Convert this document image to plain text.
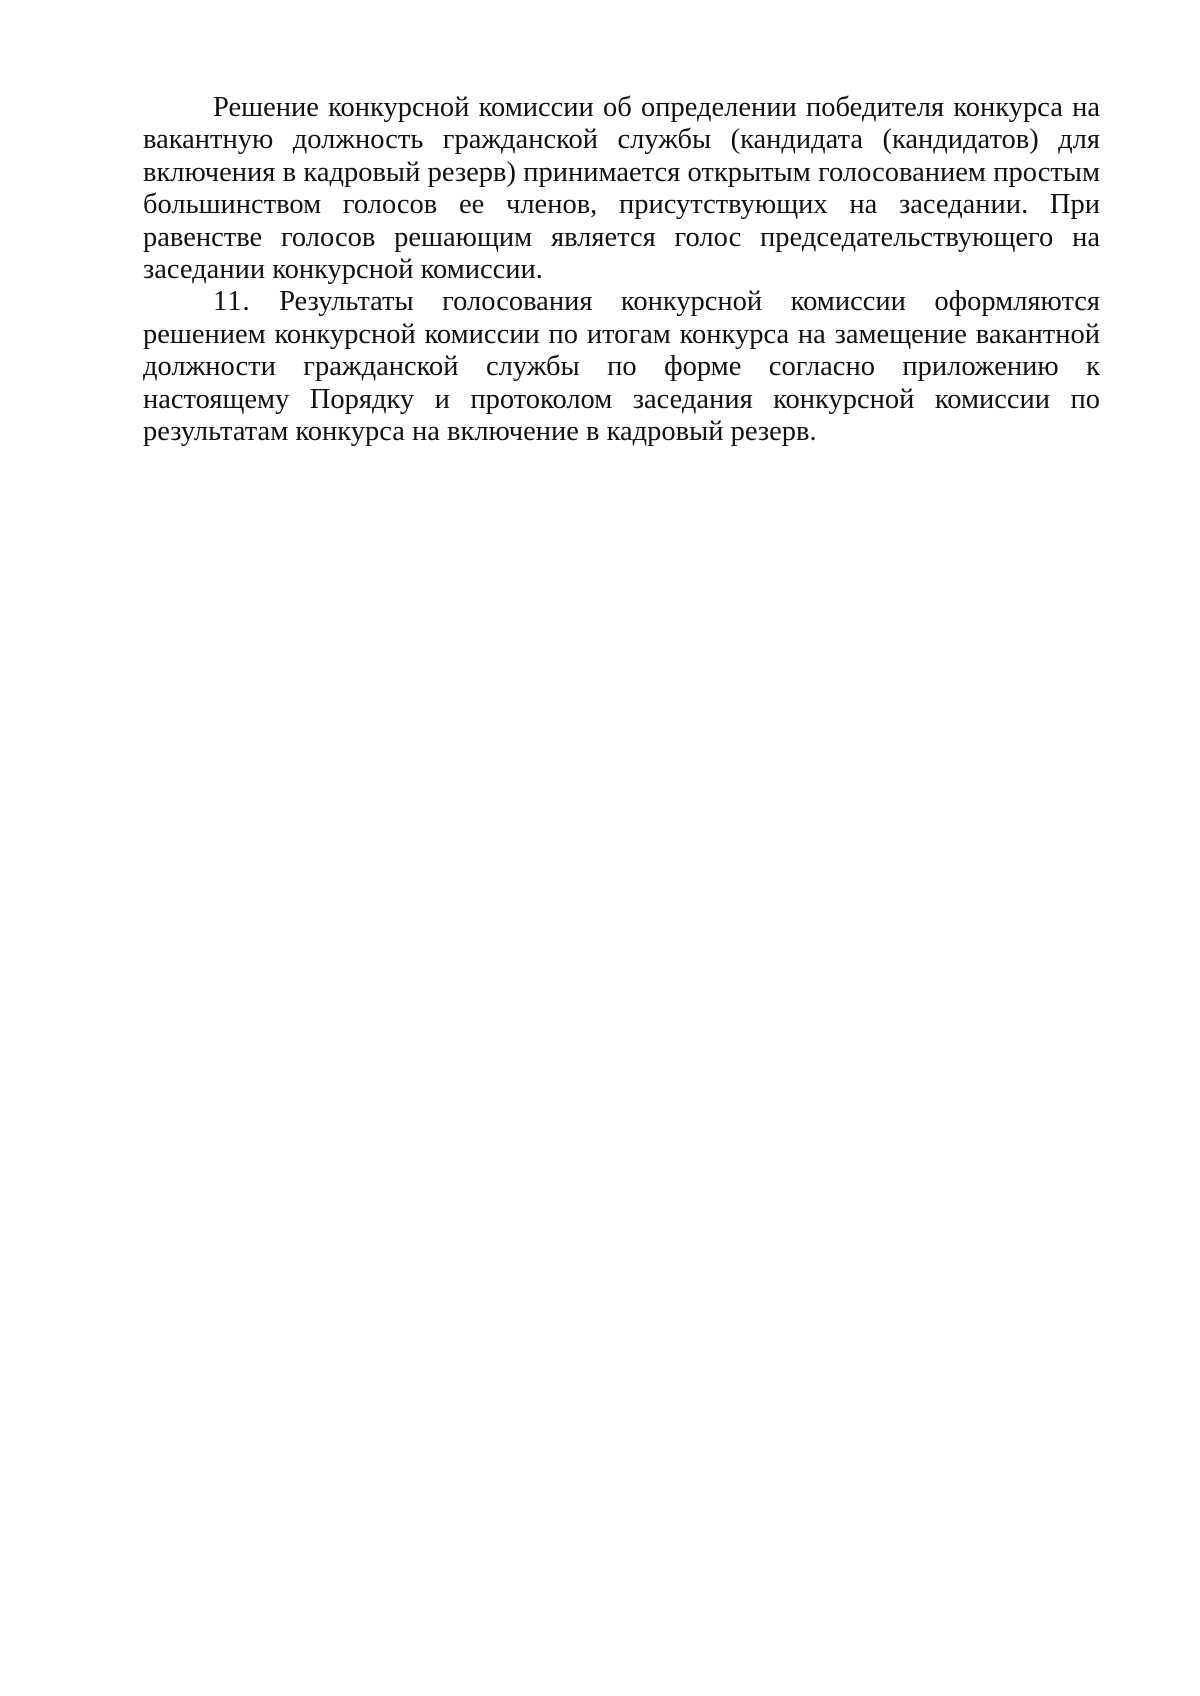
Решение конкурсной комиссии об определении победителя конкурса на вакантную должность гражданской службы (кандидата (кандидатов) для включения в кадровый резерв) принимается открытым голосованием простым большинством голосов ее членов, присутствующих на заседании. При равенстве голосов решающим является голос председательствующего на заседании конкурсной комиссии.

11. Результаты голосования конкурсной комиссии оформляются решением конкурсной комиссии по итогам конкурса на замещение вакантной должности гражданской службы по форме согласно приложению к настоящему Порядку и протоколом заседания конкурсной комиссии по результатам конкурса на включение в кадровый резерв.
